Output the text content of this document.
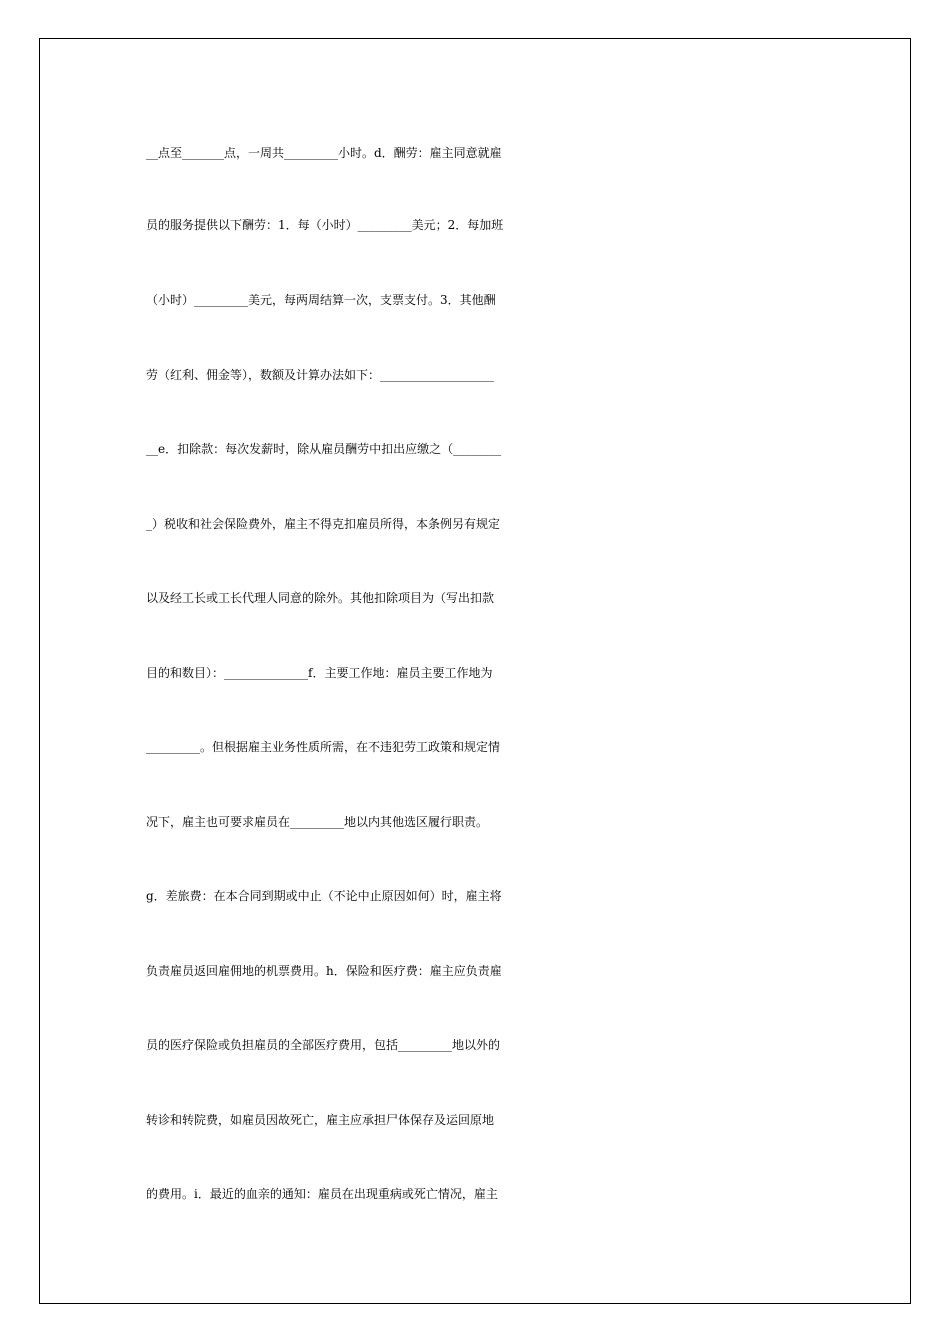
__点至_______点，一周共_________小时。d．酬劳：雇主同意就雇
员的服务提供以下酬劳：1．每（小时）_________美元；2．每加班
（小时）_________美元，每两周结算一次，支票支付。3．其他酬
劳（红利、佣金等），数额及计算办法如下：___________________
__e．扣除款：每次发薪时，除从雇员酬劳中扣出应缴之（________
_）税收和社会保险费外，雇主不得克扣雇员所得，本条例另有规定
以及经工长或工长代理人同意的除外。其他扣除项目为（写出扣款
目的和数目）：______________f．主要工作地：雇员主要工作地为
_________。但根据雇主业务性质所需，在不违犯劳工政策和规定情
况下，雇主也可要求雇员在_________地以内其他选区履行职责。
g．差旅费：在本合同到期或中止（不论中止原因如何）时，雇主将
负责雇员返回雇佣地的机票费用。h．保险和医疗费：雇主应负责雇
员的医疗保险或负担雇员的全部医疗费用，包括_________地以外的
转诊和转院费，如雇员因故死亡，雇主应承担尸体保存及运回原地
的费用。i．最近的血亲的通知：雇员在出现重病或死亡情况，雇主
